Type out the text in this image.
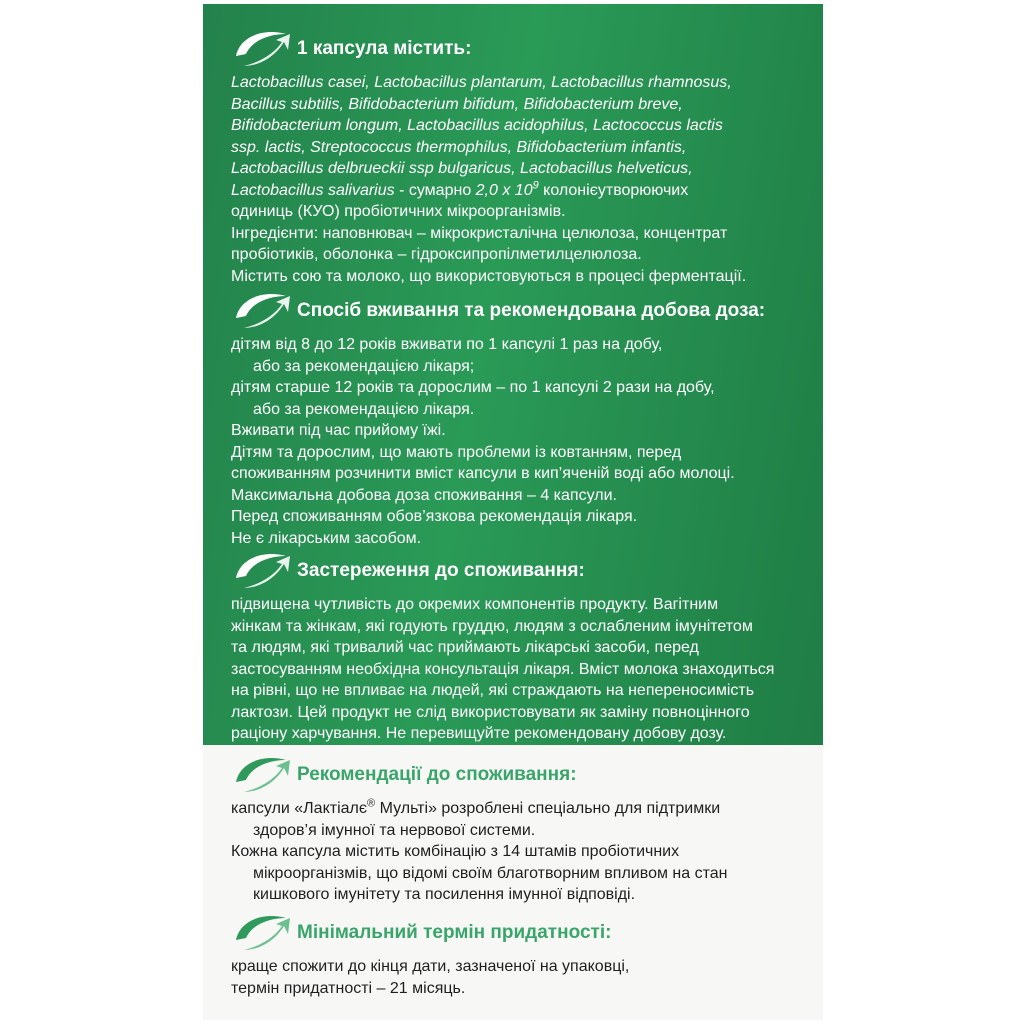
1 капсула містить:

Lactobacillus casei, Lactobacillus plantarum, Lactobacillus rhamnosus,
Bacillus subtilis, Bifidobacterium bifidum, Bifidobacterium breve,
Bifidobacterium longum, Lactobacillus acidophilus, Lactococcus lactis
ssp. lactis, Streptococcus thermophilus, Bifidobacterium infantis,
Lactobacillus delbrueckii ssp bulgaricus, Lactobacillus helveticus,
Lactobacillus salivarius - сумарно 2,0 x $10^9$ колонієутворюючих
одиниць (КУО) пробіотичних мікроорганізмів.
Інгредієнти: наповнювач – мікрокристалічна целюлоза, концентрат
пробіотиків, оболонка – гідроксипропілметилцелюлоза.
Містить сою та молоко, що використовуються в процесі ферментації.

Спосіб вживання та рекомендована добова доза:

дітям від 8 до 12 років вживати по 1 капсулі 1 раз на добу,
або за рекомендацією лікаря;
дітям старше 12 років та дорослим – по 1 капсулі 2 рази на добу,
або за рекомендацією лікаря.
Вживати під час прийому їжі.
Дітям та дорослим, що мають проблеми із ковтанням, перед
споживанням розчинити вміст капсули в кип’яченій воді або молоці.
Максимальна добова доза споживання – 4 капсули.
Перед споживанням обов’язкова рекомендація лікаря.
Не є лікарським засобом.

Застереження до споживання:

підвищена чутливість до окремих компонентів продукту. Вагітним
жінкам та жінкам, які годують груддю, людям з ослабленим імунітетом
та людям, які тривалий час приймають лікарські засоби, перед
застосуванням необхідна консультація лікаря. Вміст молока знаходиться
на рівні, що не впливає на людей, які страждають на непереносимість
лактози. Цей продукт не слід використовувати як заміну повноцінного
раціону харчування. Не перевищуйте рекомендовану добову дозу.

Рекомендації до споживання:

капсули «Лактіалє® Мульті» розроблені спеціально для підтримки
здоров’я імунної та нервової системи.
Кожна капсула містить комбінацію з 14 штамів пробіотичних
мікроорганізмів, що відомі своїм благотворним впливом на стан
кишкового імунітету та посилення імунної відповіді.

Мінімальний термін придатності:

краще спожити до кінця дати, зазначеної на упаковці,
термін придатності – 21 місяць.
